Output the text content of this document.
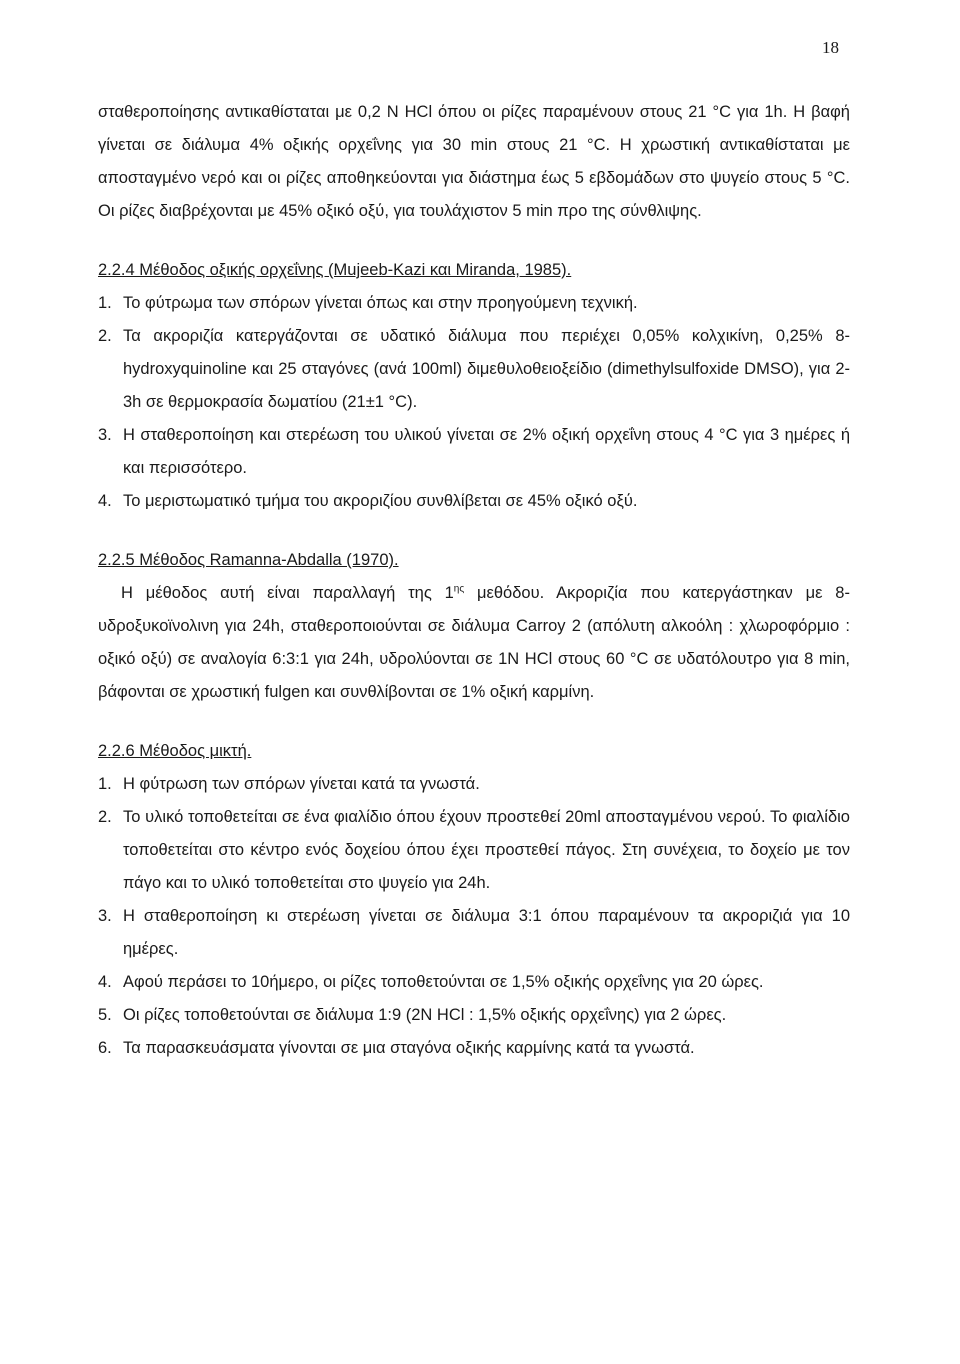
18

σταθεροποίησης αντικαθίσταται με 0,2 Ν HCl όπου οι ρίζες παραμένουν στους 21 °C για 1h. Η βαφή γίνεται σε διάλυμα 4% οξικής ορχεΐνης για 30 min στους 21 °C. Η χρωστική αντικαθίσταται με αποσταγμένο νερό και οι ρίζες αποθηκεύονται για διάστημα έως 5 εβδομάδων στο ψυγείο στους 5 °C. Οι ρίζες διαβρέχονται με 45% οξικό οξύ, για τουλάχιστον 5 min προ της σύνθλιψης.

2.2.4 Μέθοδος οξικής ορχεΐνης (Mujeeb-Kazi και Miranda, 1985).

1. Το φύτρωμα των σπόρων γίνεται όπως και στην προηγούμενη τεχνική.
2. Τα ακροριζία κατεργάζονται σε υδατικό διάλυμα που περιέχει 0,05% κολχικίνη, 0,25% 8-hydroxyquinoline και 25 σταγόνες (ανά 100ml) διμεθυλοθειοξείδιο (dimethylsulfoxide DMSO), για 2-3h σε θερμοκρασία δωματίου (21±1 °C).
3. Η σταθεροποίηση και στερέωση του υλικού γίνεται σε 2% οξική ορχεΐνη στους 4 °C για 3 ημέρες ή και περισσότερο.
4. Το μεριστωματικό τμήμα του ακροριζίου συνθλίβεται σε 45% οξικό οξύ.

2.2.5 Μέθοδος Ramanna-Abdalla (1970).

Η μέθοδος αυτή είναι παραλλαγή της $1^{\eta\varsigma}$ μεθόδου. Ακροριζία που κατεργάστηκαν με 8-υδροξυκοϊνολινη για 24h, σταθεροποιούνται σε διάλυμα Carroy 2 (απόλυτη αλκοόλη : χλωροφόρμιο : οξικό οξύ) σε αναλογία 6:3:1 για 24h, υδρολύονται σε 1N HCl στους 60 °C σε υδατόλουτρο για 8 min, βάφονται σε χρωστική fulgen και συνθλίβονται σε 1% οξική καρμίνη.

2.2.6 Μέθοδος μικτή.

1. Η φύτρωση των σπόρων γίνεται κατά τα γνωστά.
2. Το υλικό τοποθετείται σε ένα φιαλίδιο όπου έχουν προστεθεί 20ml αποσταγμένου νερού. Το φιαλίδιο τοποθετείται στο κέντρο ενός δοχείου όπου έχει προστεθεί πάγος. Στη συνέχεια, το δοχείο με τον πάγο και το υλικό τοποθετείται στο ψυγείο για 24h.
3. Η σταθεροποίηση κι στερέωση γίνεται σε διάλυμα 3:1 όπου παραμένουν τα ακροριζιά για 10 ημέρες.
4. Αφού περάσει το 10ήμερο, οι ρίζες τοποθετούνται σε 1,5% οξικής ορχεΐνης για 20 ώρες.
5. Οι ρίζες τοποθετούνται σε διάλυμα 1:9 (2N HCl : 1,5% οξικής ορχεΐνης) για 2 ώρες.
6. Τα παρασκευάσματα γίνονται σε μια σταγόνα οξικής καρμίνης κατά τα γνωστά.
